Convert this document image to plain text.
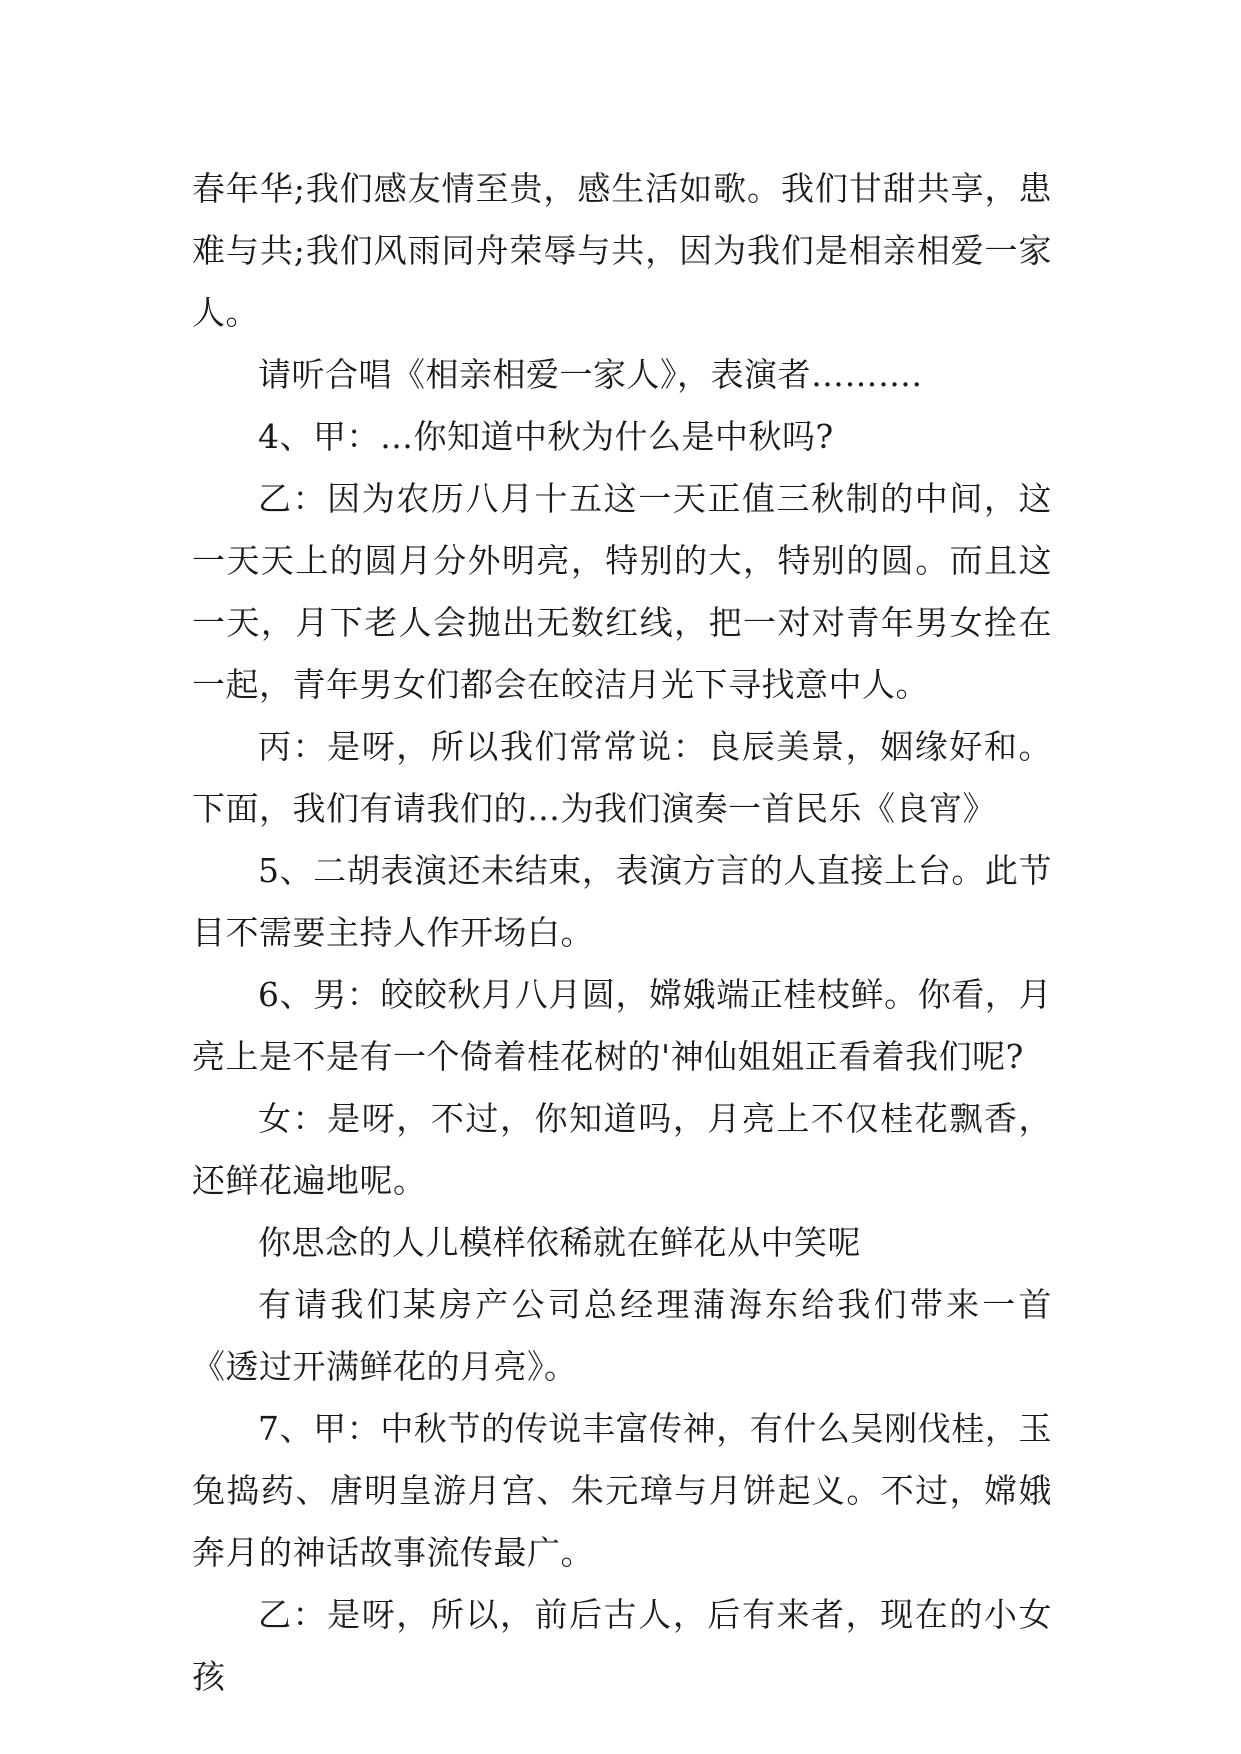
春年华;我们感友情至贵，感生活如歌。我们甘甜共享，患难与共;我们风雨同舟荣辱与共，因为我们是相亲相爱一家人。

请听合唱《相亲相爱一家人》，表演者……….

4、甲：…你知道中秋为什么是中秋吗?

乙：因为农历八月十五这一天正值三秋制的中间，这一天天上的圆月分外明亮，特别的大，特别的圆。而且这一天，月下老人会抛出无数红线，把一对对青年男女拴在一起，青年男女们都会在皎洁月光下寻找意中人。

丙：是呀，所以我们常常说：良辰美景，姻缘好和。下面，我们有请我们的…为我们演奏一首民乐《良宵》

5、二胡表演还未结束，表演方言的人直接上台。此节目不需要主持人作开场白。

6、男：皎皎秋月八月圆，嫦娥端正桂枝鲜。你看，月亮上是不是有一个倚着桂花树的'神仙姐姐正看着我们呢?

女：是呀，不过，你知道吗，月亮上不仅桂花飘香，还鲜花遍地呢。

你思念的人儿模样依稀就在鲜花从中笑呢

有请我们某房产公司总经理蒲海东给我们带来一首《透过开满鲜花的月亮》。

7、甲：中秋节的传说丰富传神，有什么吴刚伐桂，玉兔捣药、唐明皇游月宫、朱元璋与月饼起义。不过，嫦娥奔月的神话故事流传最广。

乙：是呀，所以，前后古人，后有来者，现在的小女孩
